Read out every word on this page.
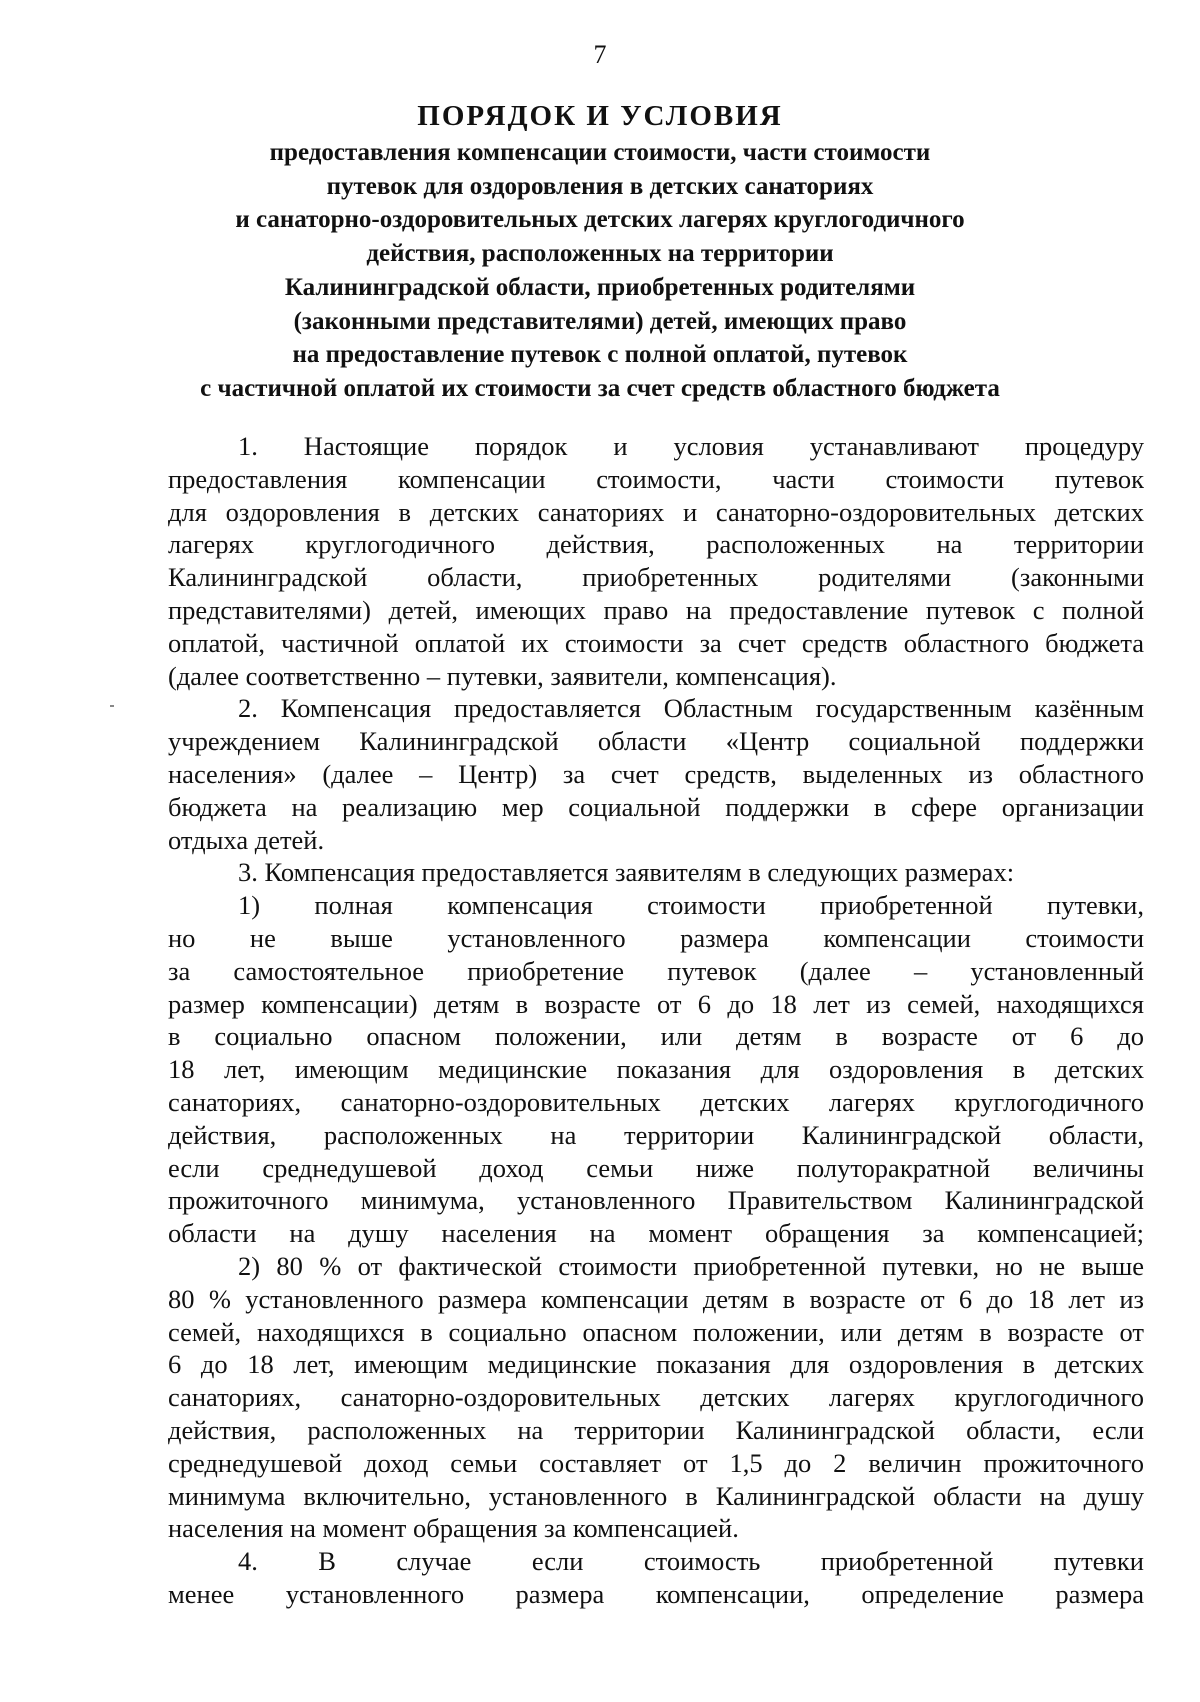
7
ПОРЯДОК И УСЛОВИЯ
предоставления компенсации стоимости, части стоимости
путевок для оздоровления в детских санаториях
и санаторно-оздоровительных детских лагерях круглогодичного
действия, расположенных на территории
Калининградской области, приобретенных родителями
(законными представителями) детей, имеющих право
на предоставление путевок с полной оплатой, путевок
с частичной оплатой их стоимости за счет средств областного бюджета
1. Настоящие порядок и условия устанавливают процедуру
предоставления компенсации стоимости, части стоимости путевок
для оздоровления в детских санаториях и санаторно-оздоровительных детских
лагерях круглогодичного действия, расположенных на территории
Калининградской области, приобретенных родителями (законными
представителями) детей, имеющих право на предоставление путевок с полной
оплатой, частичной оплатой их стоимости за счет средств областного бюджета
(далее соответственно – путевки, заявители, компенсация).
2. Компенсация предоставляется Областным государственным казённым
учреждением Калининградской области «Центр социальной поддержки
населения» (далее – Центр) за счет средств, выделенных из областного
бюджета на реализацию мер социальной поддержки в сфере организации
отдыха детей.
3. Компенсация предоставляется заявителям в следующих размерах:
1) полная компенсация стоимости приобретенной путевки,
но не выше установленного размера компенсации стоимости
за самостоятельное приобретение путевок (далее – установленный
размер компенсации) детям в возрасте от 6 до 18 лет из семей, находящихся
в социально опасном положении, или детям в возрасте от 6 до
18 лет, имеющим медицинские показания для оздоровления в детских
санаториях, санаторно-оздоровительных детских лагерях круглогодичного
действия, расположенных на территории Калининградской области,
если среднедушевой доход семьи ниже полуторакратной величины
прожиточного минимума, установленного Правительством Калининградской
области на душу населения на момент обращения за компенсацией;
2) 80 % от фактической стоимости приобретенной путевки, но не выше
80 % установленного размера компенсации детям в возрасте от 6 до 18 лет из
семей, находящихся в социально опасном положении, или детям в возрасте от
6 до 18 лет, имеющим медицинские показания для оздоровления в детских
санаториях, санаторно-оздоровительных детских лагерях круглогодичного
действия, расположенных на территории Калининградской области, если
среднедушевой доход семьи составляет от 1,5 до 2 величин прожиточного
минимума включительно, установленного в Калининградской области на душу
населения на момент обращения за компенсацией.
4. В случае если стоимость приобретенной путевки
менее установленного размера компенсации, определение размера
